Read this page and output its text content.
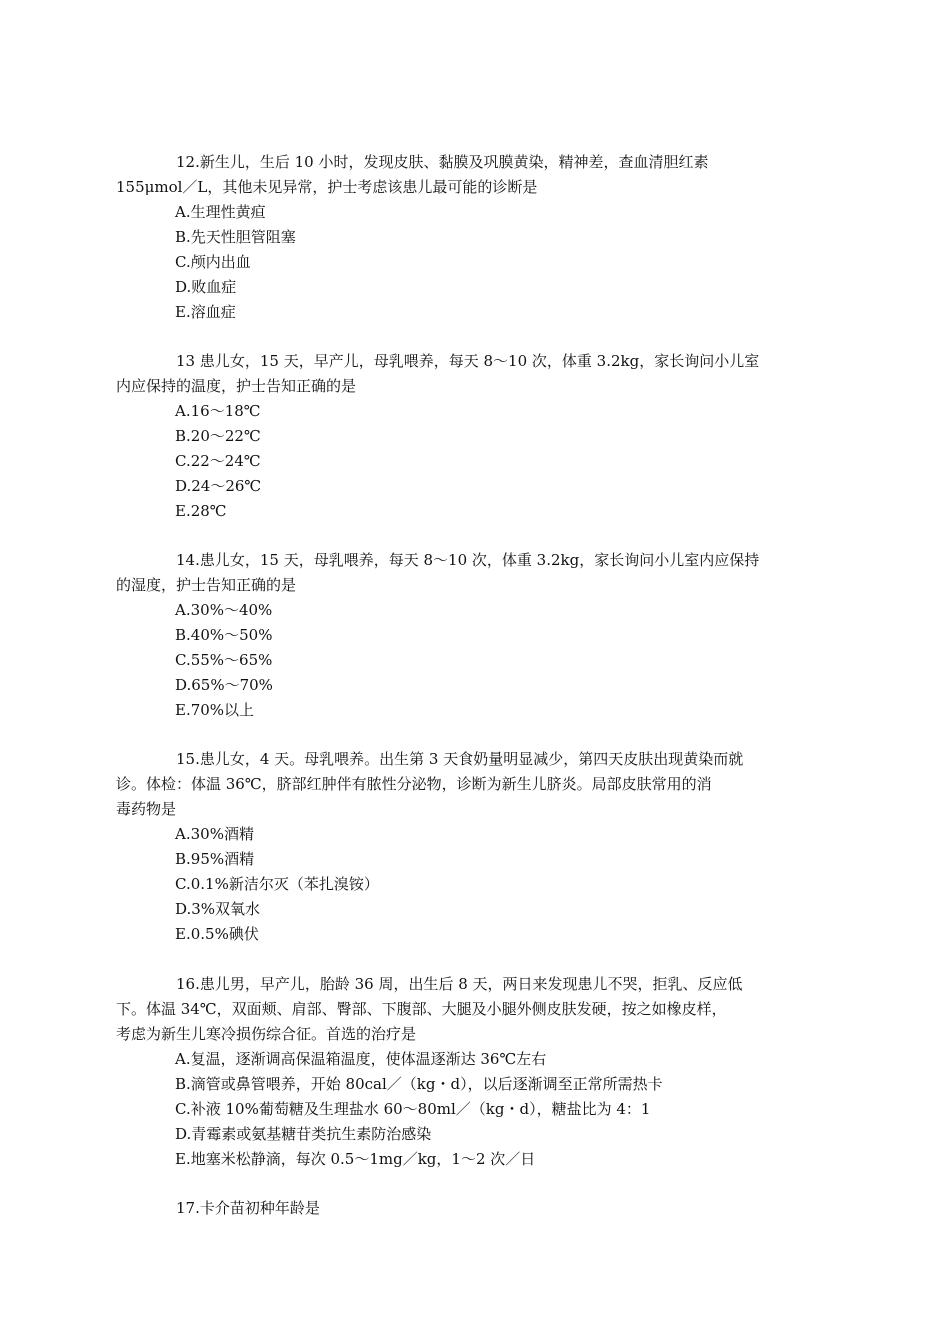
12.新生儿，生后 10 小时，发现皮肤、黏膜及巩膜黄染，精神差，查血清胆红素
155μmol／L，其他未见异常，护士考虑该患儿最可能的诊断是

A.生理性黄疸
B.先天性胆管阻塞
C.颅内出血
D.败血症
E.溶血症

13 患儿女，15 天，早产儿，母乳喂养，每天 8～10 次，体重 3.2kg，家长询问小儿室
内应保持的温度，护士告知正确的是

A.16～18℃
B.20～22℃
C.22～24℃
D.24～26℃
E.28℃

14.患儿女，15 天，母乳喂养，每天 8～10 次，体重 3.2kg，家长询问小儿室内应保持
的湿度，护士告知正确的是

A.30%～40%
B.40%～50%
C.55%～65%
D.65%～70%
E.70%以上

15.患儿女，4 天。母乳喂养。出生第 3 天食奶量明显减少，第四天皮肤出现黄染而就
诊。体检：体温 36℃，脐部红肿伴有脓性分泌物，诊断为新生儿脐炎。局部皮肤常用的消
毒药物是

A.30%酒精
B.95%酒精
C.0.1%新洁尔灭（苯扎溴铵）
D.3%双氧水
E.0.5%碘伏

16.患儿男，早产儿，胎龄 36 周，出生后 8 天，两日来发现患儿不哭，拒乳、反应低
下。体温 34℃，双面颊、肩部、臀部、下腹部、大腿及小腿外侧皮肤发硬，按之如橡皮样，
考虑为新生儿寒冷损伤综合征。首选的治疗是

A.复温，逐渐调高保温箱温度，使体温逐渐达 36℃左右
B.滴管或鼻管喂养，开始 80cal／（kg・d），以后逐渐调至正常所需热卡
C.补液 10%葡萄糖及生理盐水 60～80ml／（kg・d），糖盐比为 4：1
D.青霉素或氨基糖苷类抗生素防治感染
E.地塞米松静滴，每次 0.5～1mg／kg，1～2 次／日

17.卡介苗初种年龄是
